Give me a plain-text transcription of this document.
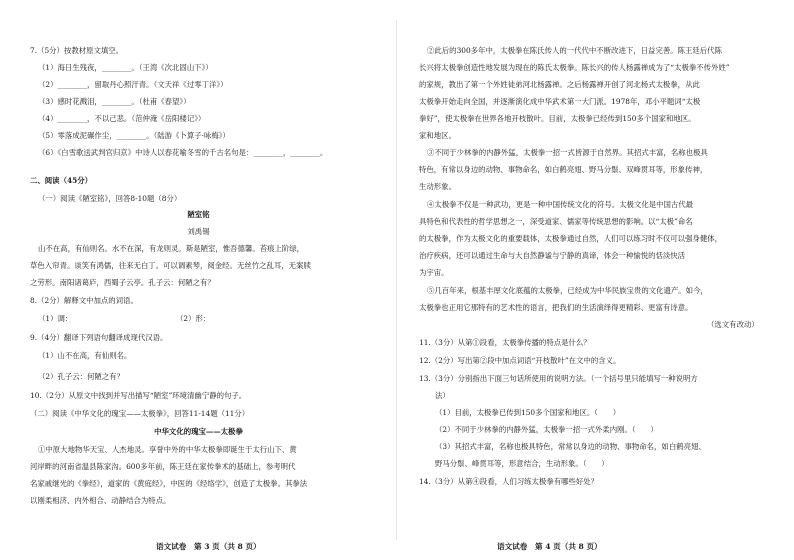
7.（5分）按教材原文填空。
（1）海日生残夜，________。（王湾《次北固山下》）
（2）________，留取丹心照汗青。（文天祥《过零丁洋》）
（3）感时花溅泪，________。（杜甫《春望》）
（4）________，不以己悲。（范仲淹《岳阳楼记》）
（5）零落成泥碾作尘，________。（陆游《卜算子·咏梅》）
（6）《白雪歌送武判官归京》中诗人以春花喻冬雪的千古名句是：________，________。
二、阅读（45分）
（一）阅读《陋室铭》，回答8-10题（8分）
陋室铭
刘禹锡
山不在高，有仙则名。水不在深，有龙则灵。斯是陋室，惟吾德馨。苔痕上阶绿，
草色入帘青。谈笑有鸿儒，往来无白丁。可以调素琴，阅金经。无丝竹之乱耳，无案牍
之劳形。南阳诸葛庐，西蜀子云亭。孔子云：何陋之有？
8.（2分）解释文中加点的词语。
（1）调：	（2）形：
9.（4分）翻译下列语句翻译成现代汉语。
（1）山不在高，有仙则名。
（2）孔子云：何陋之有？
10.（2分）从原文中找到并写出描写“陋室”环境清幽宁静的句子。
（二）阅读《中华文化的瑰宝——太极拳》，回答11-14题（11分）
中华文化的瑰宝——太极拳
①中原大地物华天宝、人杰地灵。享誉中外的中华太极拳即诞生于太行山下、黄
河岸畔的河南省温县陈家沟。600多年前，陈王廷在家传拳术的基础上，参考明代
名家戚继光的《拳经》，道家的《黄庭经》，中医的《经络学》，创造了太极拳。其拳法
以刚柔相济、内外相合、动静结合为特点。
语文试卷　第 3 页（共 8 页）
②此后的300多年中，太极拳在陈氏传人的一代代中不断改进下，日益完善。陈王廷后代陈
长兴将太极拳创造性地发展为现在的陈氏太极拳。陈长兴的传人杨露禅成为了“太极拳不传外姓”
的家规，教出了第一个外姓徒弟河北杨露禅。之后杨露禅开创了河北杨式太极拳，从此
太极拳开始走向全国，并逐渐演化成中华武术第一大门派。1978年，邓小平题词“太极
拳好”，使太极拳在世界各地开枝散叶。目前，太极拳已经传到150多个国家和地区。
家和地区。
③不同于少林拳的内静外猛，太极拳一招一式皆源于自然界。其招式丰富，名称也极具
特色，有常以身边的动物、事物命名，如白鹤亮翅、野马分鬃、双峰贯耳等，形象传神，
生动形象。
④太极拳不仅是一种武功，更是一种中国传统文化的符号。太极文化是中国古代最
具特色和代表性的哲学思想之一，深受道家、儒家等传统思想的影响。以“太极”命名
的太极拳，作为太极文化的重要载体，太极拳通过自然，人们可以练习时不仅可以强身健体，
治疗疾病，还可以通过生命与大自然静谧与宁静的真谛，体会一种愉悦的恬淡快活
为宇宙。
⑤几百年来，根基丰厚文化底蕴的太极拳，已经成为中华民族宝贵的文化遗产。如今，
太极拳也正用它那特有的艺术性的语言，把我们的生活演绎得更精彩、更富有诗意。
（选文有改动）
11.（3分）从第①段看，太极拳传播的特点是什么？
12.（2分）写出第②段中加点词语“开枝散叶”在文中的含义。
13.（3分）分别指出下面三句话所使用的说明方法。（一个括号里只能填写一种说明方
法）
（1）目前，太极拳已传到150多个国家和地区。（　　）
（2）不同于少林拳的内静外猛，太极拳一招一式外柔内刚。（　　）
（3）其招式丰富，名称也极具特色，常常以身边的动物、事物命名，如白鹤亮翅、
野马分鬃、峰贯耳等，形意结合，生动形象。（　　）
14.（3分）从第④段看，人们习练太极拳有哪些好处？
语文试卷　第 4 页（共 8 页）
